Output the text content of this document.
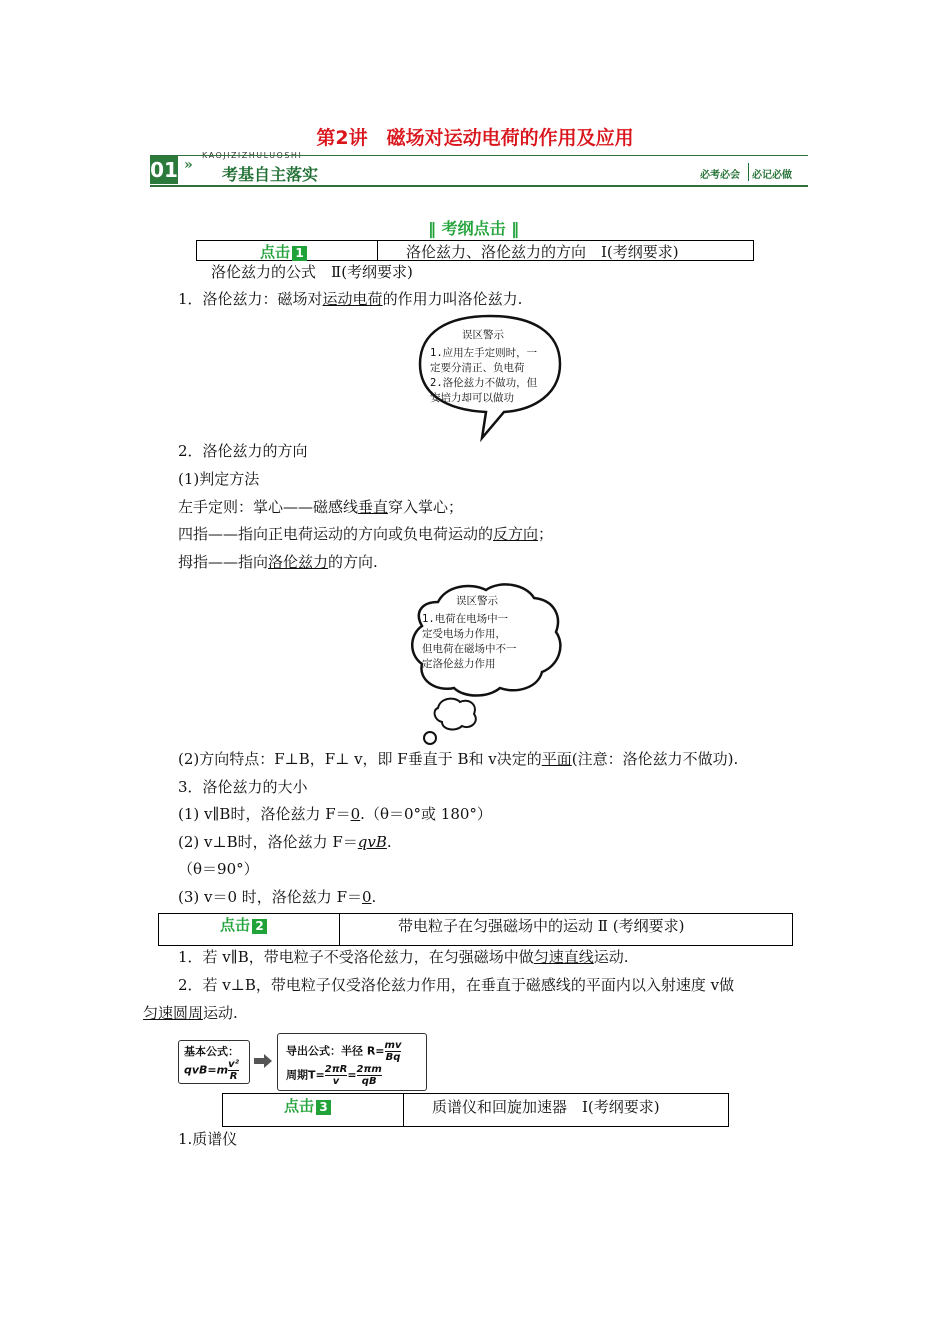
第2讲　磁场对运动电荷的作用及应用
01 » 考基自主落实	必考必会 必记必做
‖ 考纲点击 ‖
点击 1	洛伦兹力、洛伦兹力的方向　Ⅰ(考纲要求)
洛伦兹力的公式　Ⅱ(考纲要求)
1．洛伦兹力：磁场对运动电荷的作用力叫洛伦兹力.
误区警示
1.应用左手定则时，一
定要分清正、负电荷
2.洛伦兹力不做功，但
安培力却可以做功
2．洛伦兹力的方向
(1)判定方法
左手定则：掌心——磁感线垂直穿入掌心；
四指——指向正电荷运动的方向或负电荷运动的反方向；
拇指——指向洛伦兹力的方向.
误区警示
1.电荷在电场中一
定受电场力作用，
但电荷在磁场中不一
定洛伦兹力作用
(2)方向特点：F⊥B，F⊥ v，即 F垂直于 B和 v决定的平面(注意：洛伦兹力不做功).
3．洛伦兹力的大小
(1) v∥B时，洛伦兹力 F＝0.（θ＝0°或 180°）
(2) v⊥B时，洛伦兹力 F＝qvB.
（θ＝90°）
(3) v＝0 时，洛伦兹力 F＝0.
点击 2	带电粒子在匀强磁场中的运动 Ⅱ (考纲要求)
1．若 v∥B，带电粒子不受洛伦兹力，在匀强磁场中做匀速直线运动.
2．若 v⊥B，带电粒子仅受洛伦兹力作用，在垂直于磁感线的平面内以入射速度 v做
匀速圆周运动.
基本公式：
$qvB=m \frac{\text{v²}}{R}$
导出公式：半径 $R= \frac{mv}{Bq}$
周期$T= \frac{2\pi R}{v} = \frac{2\pi m}{qB}$
点击 3	质谱仪和回旋加速器　Ⅰ(考纲要求)
1.质谱仪
